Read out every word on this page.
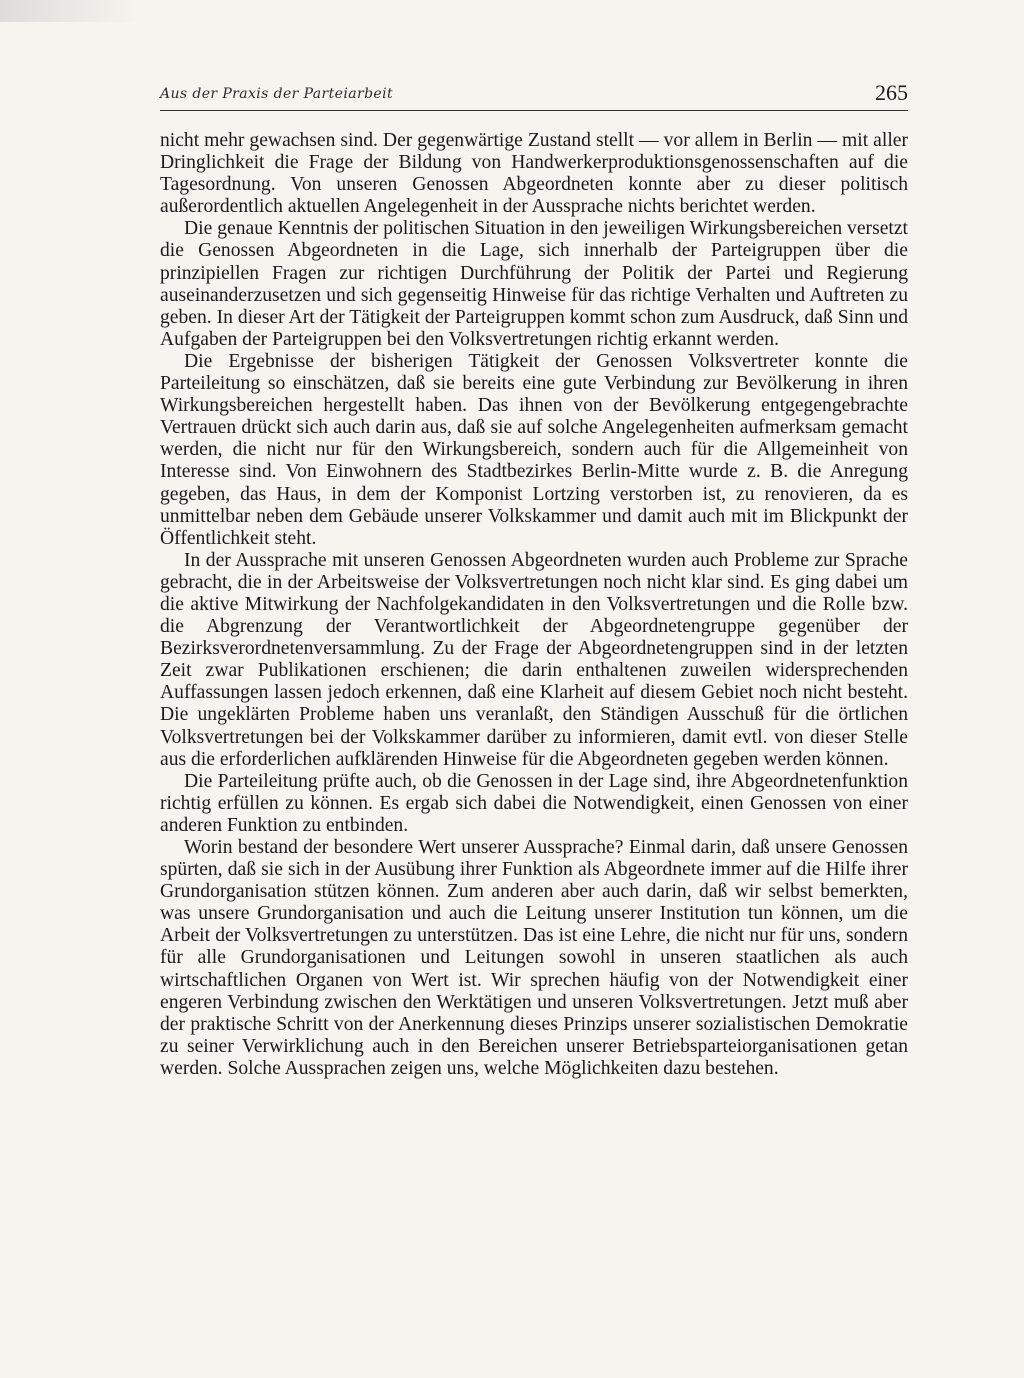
Aus der Praxis der Parteiarbeit	265

nicht mehr gewachsen sind. Der gegenwärtige Zustand stellt — vor allem in Berlin — mit aller Dringlichkeit die Frage der Bildung von Handwerkerproduktionsgenossenschaften auf die Tagesordnung. Von unseren Genossen Abgeordneten konnte aber zu dieser politisch außerordentlich aktuellen Angelegenheit in der Aussprache nichts berichtet werden.

Die genaue Kenntnis der politischen Situation in den jeweiligen Wirkungsbereichen versetzt die Genossen Abgeordneten in die Lage, sich innerhalb der Parteigruppen über die prinzipiellen Fragen zur richtigen Durchführung der Politik der Partei und Regierung auseinanderzusetzen und sich gegenseitig Hinweise für das richtige Verhalten und Auftreten zu geben. In dieser Art der Tätigkeit der Parteigruppen kommt schon zum Ausdruck, daß Sinn und Aufgaben der Parteigruppen bei den Volksvertretungen richtig erkannt werden.

Die Ergebnisse der bisherigen Tätigkeit der Genossen Volksvertreter konnte die Parteileitung so einschätzen, daß sie bereits eine gute Verbindung zur Bevölkerung in ihren Wirkungsbereichen hergestellt haben. Das ihnen von der Bevölkerung entgegengebrachte Vertrauen drückt sich auch darin aus, daß sie auf solche Angelegenheiten aufmerksam gemacht werden, die nicht nur für den Wirkungsbereich, sondern auch für die Allgemeinheit von Interesse sind. Von Einwohnern des Stadtbezirkes Berlin-Mitte wurde z. B. die Anregung gegeben, das Haus, in dem der Komponist Lortzing verstorben ist, zu renovieren, da es unmittelbar neben dem Gebäude unserer Volkskammer und damit auch mit im Blickpunkt der Öffentlichkeit steht.

In der Aussprache mit unseren Genossen Abgeordneten wurden auch Probleme zur Sprache gebracht, die in der Arbeitsweise der Volksvertretungen noch nicht klar sind. Es ging dabei um die aktive Mitwirkung der Nachfolgekandidaten in den Volksvertretungen und die Rolle bzw. die Abgrenzung der Verantwortlichkeit der Abgeordnetengruppe gegenüber der Bezirksverordnetenversammlung. Zu der Frage der Abgeordnetengruppen sind in der letzten Zeit zwar Publikationen erschienen; die darin enthaltenen zuweilen widersprechenden Auffassungen lassen jedoch erkennen, daß eine Klarheit auf diesem Gebiet noch nicht besteht. Die ungeklärten Probleme haben uns veranlaßt, den Ständigen Ausschuß für die örtlichen Volksvertretungen bei der Volkskammer darüber zu informieren, damit evtl. von dieser Stelle aus die erforderlichen aufklärenden Hinweise für die Abgeordneten gegeben werden können.

Die Parteileitung prüfte auch, ob die Genossen in der Lage sind, ihre Abgeordnetenfunktion richtig erfüllen zu können. Es ergab sich dabei die Notwendigkeit, einen Genossen von einer anderen Funktion zu entbinden.

Worin bestand der besondere Wert unserer Aussprache? Einmal darin, daß unsere Genossen spürten, daß sie sich in der Ausübung ihrer Funktion als Abgeordnete immer auf die Hilfe ihrer Grundorganisation stützen können. Zum anderen aber auch darin, daß wir selbst bemerkten, was unsere Grundorganisation und auch die Leitung unserer Institution tun können, um die Arbeit der Volksvertretungen zu unterstützen. Das ist eine Lehre, die nicht nur für uns, sondern für alle Grundorganisationen und Leitungen sowohl in unseren staatlichen als auch wirtschaftlichen Organen von Wert ist. Wir sprechen häufig von der Notwendigkeit einer engeren Verbindung zwischen den Werktätigen und unseren Volksvertretungen. Jetzt muß aber der praktische Schritt von der Anerkennung dieses Prinzips unserer sozialistischen Demokratie zu seiner Verwirklichung auch in den Bereichen unserer Betriebsparteiorganisationen getan werden. Solche Aussprachen zeigen uns, welche Möglichkeiten dazu bestehen.
